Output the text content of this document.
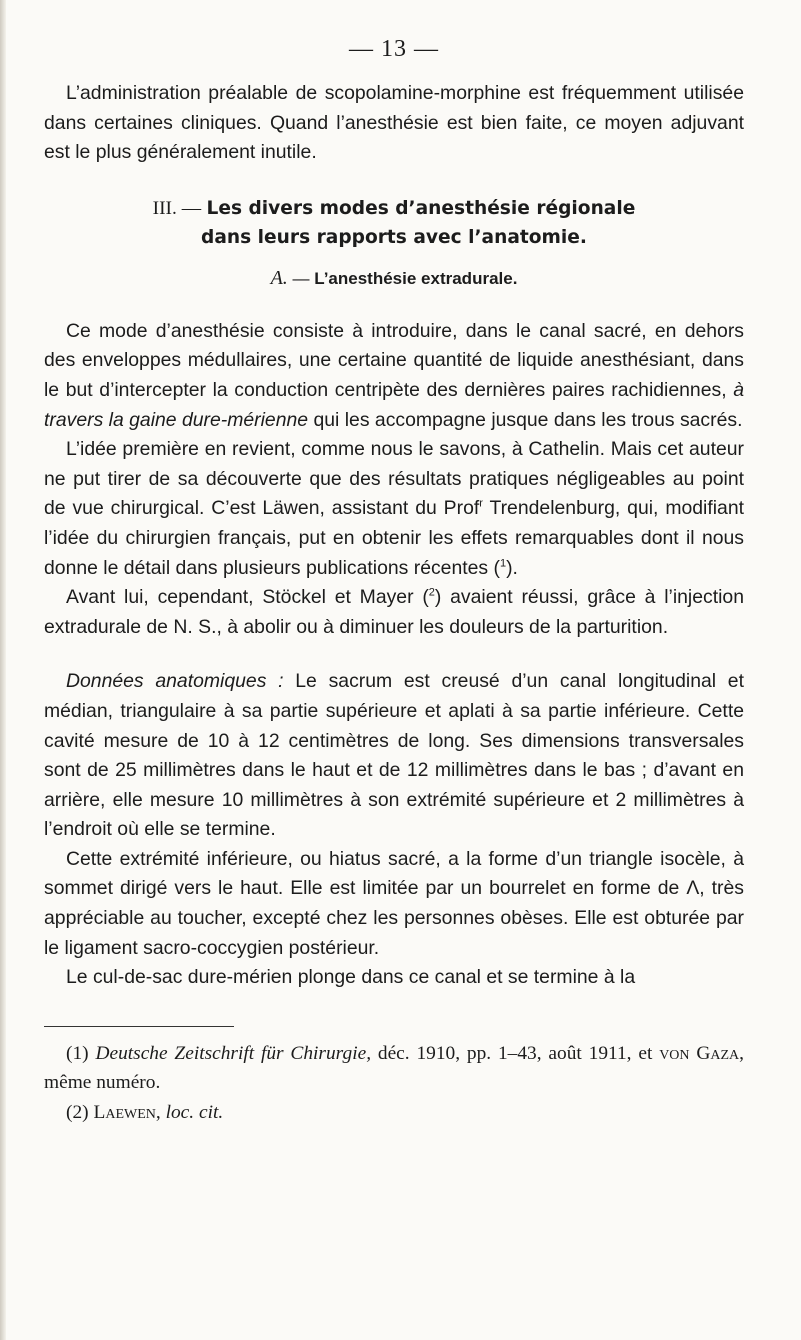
— 13 —

L’administration préalable de scopolamine-morphine est fréquemment utilisée dans certaines cliniques. Quand l’anesthésie est bien faite, ce moyen adjuvant est le plus généralement inutile.

III. — Les divers modes d’anesthésie régionale
dans leurs rapports avec l’anatomie.
A. — L’anesthésie extradurale.

Ce mode d’anesthésie consiste à introduire, dans le canal sacré, en dehors des enveloppes médullaires, une certaine quantité de liquide anesthésiant, dans le but d’intercepter la conduction centripète des dernières paires rachidiennes, à travers la gaine dure-mérienne qui les accompagne jusque dans les trous sacrés.

L’idée première en revient, comme nous le savons, à Cathelin. Mais cet auteur ne put tirer de sa découverte que des résultats pratiques négligeables au point de vue chirurgical. C’est Läwen, assistant du Prof$^r$ Trendelenburg, qui, modifiant l’idée du chirurgien français, put en obtenir les effets remarquables dont il nous donne le détail dans plusieurs publications récentes ($^1$).

Avant lui, cependant, Stöckel et Mayer ($^2$) avaient réussi, grâce à l’injection extradurale de N. S., à abolir ou à diminuer les douleurs de la parturition.

Données anatomiques : Le sacrum est creusé d’un canal longitudinal et médian, triangulaire à sa partie supérieure et aplati à sa partie inférieure. Cette cavité mesure de 10 à 12 centimètres de long. Ses dimensions transversales sont de 25 millimètres dans le haut et de 12 millimètres dans le bas ; d’avant en arrière, elle mesure 10 millimètres à son extrémité supérieure et 2 millimètres à l’endroit où elle se termine.

Cette extrémité inférieure, ou hiatus sacré, a la forme d’un triangle isocèle, à sommet dirigé vers le haut. Elle est limitée par un bourrelet en forme de Λ, très appréciable au toucher, excepté chez les personnes obèses. Elle est obturée par le ligament sacro-coccygien postérieur.

Le cul-de-sac dure-mérien plonge dans ce canal et se termine à la

(1) Deutsche Zeitschrift für Chirurgie, déc. 1910, pp. 1–43, août 1911, et von Gaza, même numéro.

(2) Laewen, loc. cit.
